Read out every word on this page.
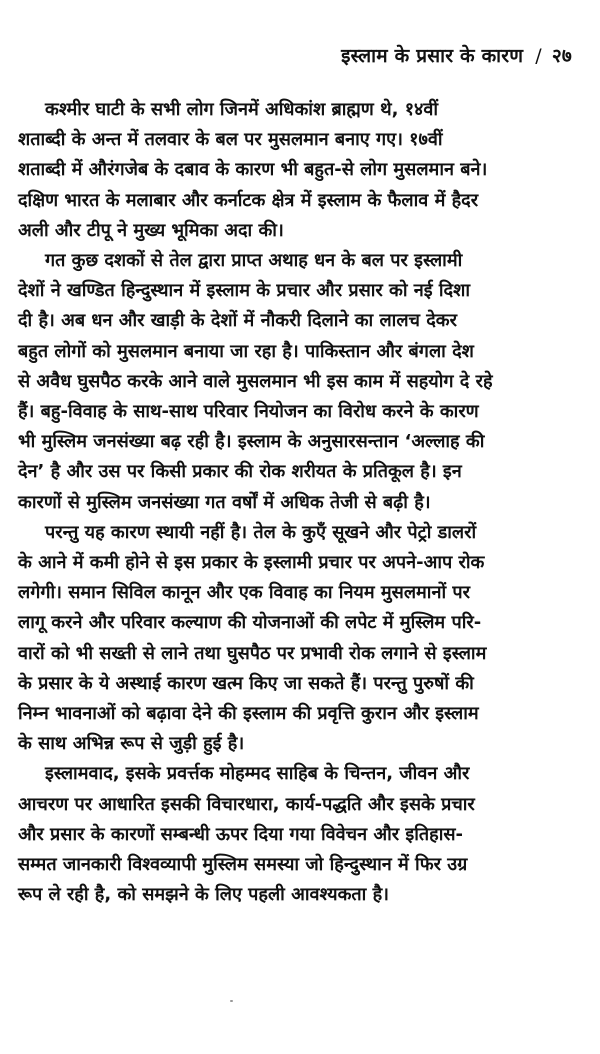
इस्लाम के प्रसार के कारण / २७

कश्मीर घाटी के सभी लोग जिनमें अधिकांश ब्राह्मण थे, १४वीं
शताब्दी के अन्त में तलवार के बल पर मुसलमान बनाए गए। १७वीं
शताब्दी में औरंगजेब के दबाव के कारण भी बहुत-से लोग मुसलमान बने।
दक्षिण भारत के मलाबार और कर्नाटक क्षेत्र में इस्लाम के फैलाव में हैदर
अली और टीपू ने मुख्य भूमिका अदा की।

गत कुछ दशकों से तेल द्वारा प्राप्त अथाह धन के बल पर इस्लामी
देशों ने खण्डित हिन्दुस्थान में इस्लाम के प्रचार और प्रसार को नई दिशा
दी है। अब धन और खाड़ी के देशों में नौकरी दिलाने का लालच देकर
बहुत लोगों को मुसलमान बनाया जा रहा है। पाकिस्तान और बंगला देश
से अवैध घुसपैठ करके आने वाले मुसलमान भी इस काम में सहयोग दे रहे
हैं। बहु-विवाह के साथ-साथ परिवार नियोजन का विरोध करने के कारण
भी मुस्लिम जनसंख्या बढ़ रही है। इस्लाम के अनुसारसन्तान ‘अल्लाह की
देन’ है और उस पर किसी प्रकार की रोक शरीयत के प्रतिकूल है। इन
कारणों से मुस्लिम जनसंख्या गत वर्षों में अधिक तेजी से बढ़ी है।

परन्तु यह कारण स्थायी नहीं है। तेल के कुएँ सूखने और पेट्रो डालरों
के आने में कमी होने से इस प्रकार के इस्लामी प्रचार पर अपने-आप रोक
लगेगी। समान सिविल कानून और एक विवाह का नियम मुसलमानों पर
लागू करने और परिवार कल्याण की योजनाओं की लपेट में मुस्लिम परि-
वारों को भी सख्ती से लाने तथा घुसपैठ पर प्रभावी रोक लगाने से इस्लाम
के प्रसार के ये अस्थाई कारण खत्म किए जा सकते हैं। परन्तु पुरुषों की
निम्न भावनाओं को बढ़ावा देने की इस्लाम की प्रवृत्ति कुरान और इस्लाम
के साथ अभिन्न रूप से जुड़ी हुई है।

इस्लामवाद, इसके प्रवर्त्तक मोहम्मद साहिब के चिन्तन, जीवन और
आचरण पर आधारित इसकी विचारधारा, कार्य-पद्धति और इसके प्रचार
और प्रसार के कारणों सम्बन्धी ऊपर दिया गया विवेचन और इतिहास-
सम्मत जानकारी विश्वव्यापी मुस्लिम समस्या जो हिन्दुस्थान में फिर उग्र
रूप ले रही है, को समझने के लिए पहली आवश्यकता है।
